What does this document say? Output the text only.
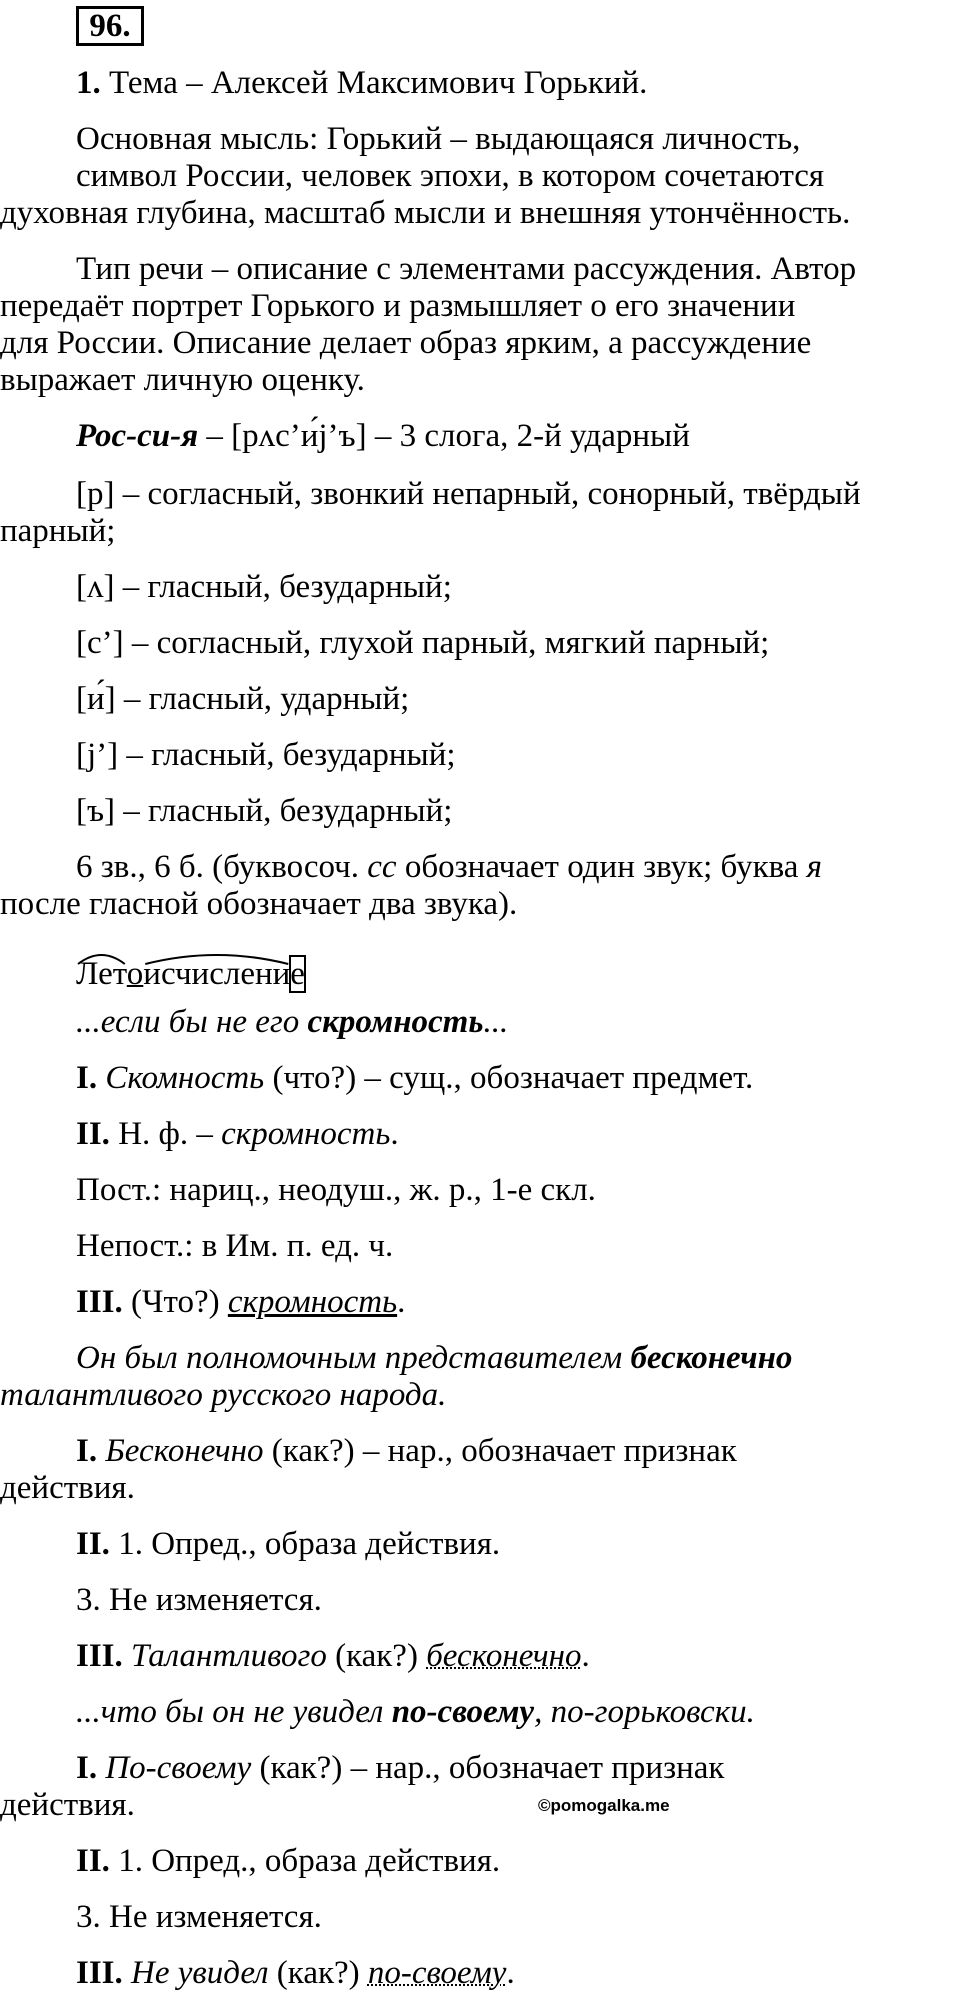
96.
1. Тема – Алексей Максимович Горький.
Основная мысль: Горький – выдающаяся личность,
символ России, человек эпохи, в котором сочетаются
духовная глубина, масштаб мысли и внешняя утончённость.
Тип речи – описание с элементами рассуждения. Автор
передаёт портрет Горького и размышляет о его значении
для России. Описание делает образ ярким, а рассуждение
выражает личную оценку.
Рос-си-я – [рʌс’и́j’ъ] – 3 слога, 2-й ударный
[р] – согласный, звонкий непарный, сонорный, твёрдый
парный;
[ʌ] – гласный, безударный;
[с’] – согласный, глухой парный, мягкий парный;
[и́] – гласный, ударный;
[j’] – гласный, безударный;
[ъ] – гласный, безударный;
6 зв., 6 б. (буквосоч. сс обозначает один звук; буква я
после гласной обозначает два звука).
...если бы не его скромность...
I. Скомность (что?) – сущ., обозначает предмет.
II. Н. ф. – скромность.
Пост.: нариц., неодуш., ж. р., 1-е скл.
Непост.: в Им. п. ед. ч.
III. (Что?) скромность.
Он был полномочным представителем бесконечно
талантливого русского народа.
I. Бесконечно (как?) – нар., обозначает признак
действия.
II. 1. Опред., образа действия.
3. Не изменяется.
III. Талантливого (как?) бесконечно.
...что бы он не увидел по-своему, по-горьковски.
I. По-своему (как?) – нар., обозначает признак
действия.
II. 1. Опред., образа действия.
3. Не изменяется.
III. Не увидел (как?) по-своему.
Летоисчисление
©pomogalka.me
